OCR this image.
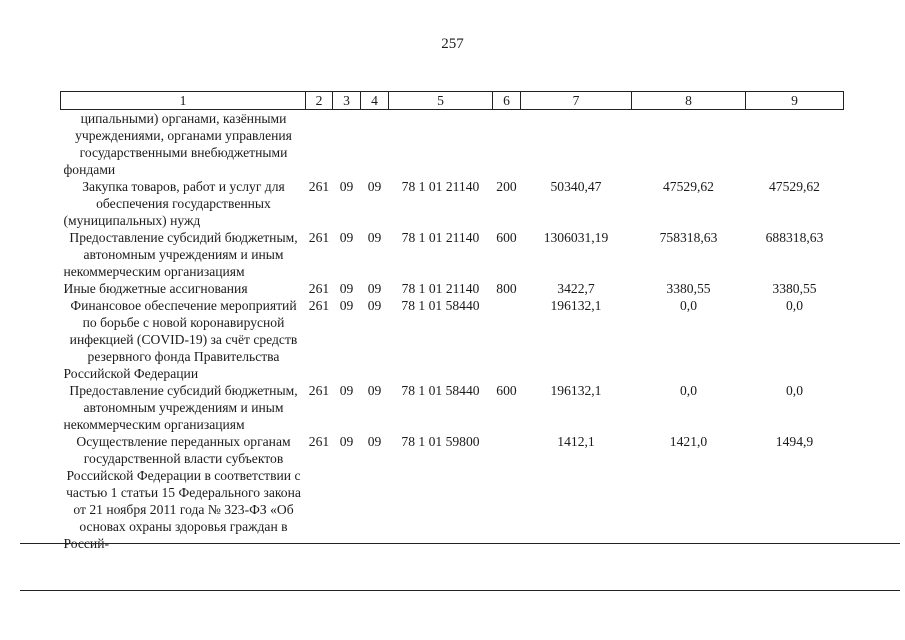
257
1	2	3	4	5	6	7	8	9
ципальными) органами, казёнными учреждениями, органами управления государственными внебюджетными фондами								
Закупка товаров, работ и услуг для обеспечения государственных (муниципальных) нужд	261	09	09	78 1 01 21140	200	50340,47	47529,62	47529,62
Предоставление субсидий бюджетным, автономным учреждениям и иным некоммерческим организациям	261	09	09	78 1 01 21140	600	1306031,19	758318,63	688318,63
Иные бюджетные ассигнования	261	09	09	78 1 01 21140	800	3422,7	3380,55	3380,55
Финансовое обеспечение мероприятий по борьбе с новой коронавирусной инфекцией (COVID-19) за счёт средств резервного фонда Правительства Российской Федерации	261	09	09	78 1 01 58440		196132,1	0,0	0,0
Предоставление субсидий бюджетным, автономным учреждениям и иным некоммерческим организациям	261	09	09	78 1 01 58440	600	196132,1	0,0	0,0
Осуществление переданных органам государственной власти субъектов Российской Федерации в соответствии с частью 1 статьи 15 Федерального закона от 21 ноября 2011 года № 323-ФЗ «Об основах охраны здоровья граждан в Россий-	261	09	09	78 1 01 59800		1412,1	1421,0	1494,9
